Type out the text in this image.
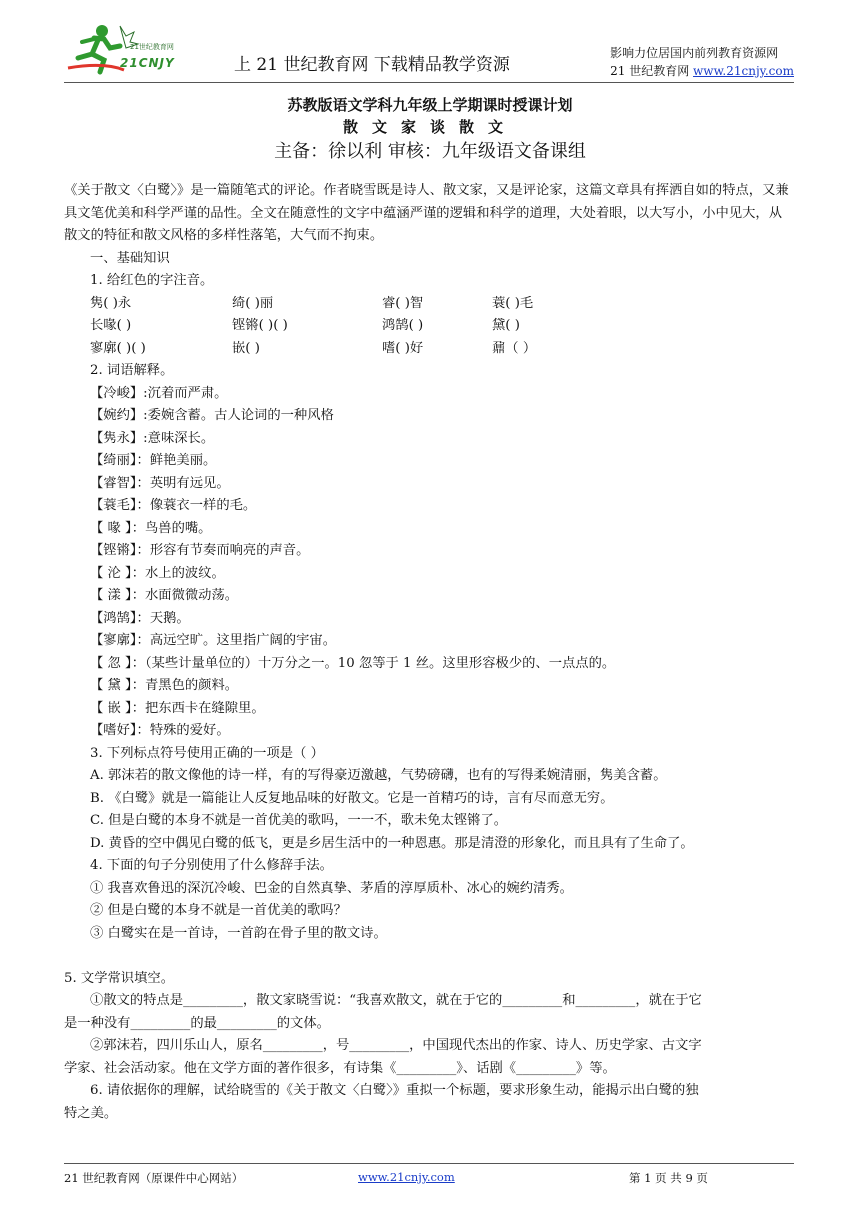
21世纪教育网
21CNJY	上 21 世纪教育网 下载精品教学资源
影响力位居国内前列教育资源网
21 世纪教育网 www.21cnjy.com
苏教版语文学科九年级上学期课时授课计划
散文家谈散文
主备：徐以利 审核：九年级语文备课组

《关于散文〈白鹭〉》是一篇随笔式的评论。作者晓雪既是诗人、散文家，又是评论家，这篇文章具有挥洒自如的特点，又兼具文笔优美和科学严谨的品性。全文在随意性的文字中蕴涵严谨的逻辑和科学的道理，大处着眼，以大写小，小中见大，从散文的特征和散文风格的多样性落笔，大气而不拘束。

一、基础知识

1. 给红色的字注音。

隽( )永	绮( )丽	睿( )智	蓑( )毛
长喙( )	铿锵( )( )	鸿鹄( )	黛( )
寥廓( )( )	嵌( )	嗜( )好	鼐（ ）

2. 词语解释。

【冷峻】:沉着而严肃。

【婉约】:委婉含蓄。古人论词的一种风格

【隽永】:意味深长。

【绮丽】：鲜艳美丽。

【睿智】：英明有远见。

【蓑毛】：像蓑衣一样的毛。

【 喙 】：鸟兽的嘴。

【铿锵】：形容有节奏而响亮的声音。

【 沦 】：水上的波纹。

【 漾 】：水面微微动荡。

【鸿鹄】：天鹅。

【寥廓】：高远空旷。这里指广阔的宇宙。

【 忽 】：（某些计量单位的）十万分之一。10 忽等于 1 丝。这里形容极少的、一点点的。

【 黛 】：青黑色的颜料。

【 嵌 】：把东西卡在缝隙里。

【嗜好】：特殊的爱好。

3. 下列标点符号使用正确的一项是（ ）

A. 郭沫若的散文像他的诗一样，有的写得豪迈激越，气势磅礴，也有的写得柔婉清丽，隽美含蓄。

B. 《白鹭》就是一篇能让人反复地品味的好散文。它是一首精巧的诗，言有尽而意无穷。

C. 但是白鹭的本身不就是一首优美的歌吗，一一不，歌未免太铿锵了。

D. 黄昏的空中偶见白鹭的低飞，更是乡居生活中的一种恩惠。那是清澄的形象化，而且具有了生命了。

4. 下面的句子分别使用了什么修辞手法。

① 我喜欢鲁迅的深沉冷峻、巴金的自然真挚、茅盾的淳厚质朴、冰心的婉约清秀。

② 但是白鹭的本身不就是一首优美的歌吗？

③ 白鹭实在是一首诗，一首韵在骨子里的散文诗。

5. 文学常识填空。

①散文的特点是_________，散文家晓雪说：“我喜欢散文，就在于它的_________和_________，就在于它

是一种没有_________的最_________的文体。

②郭沫若，四川乐山人，原名_________，号_________，中国现代杰出的作家、诗人、历史学家、古文字

学家、社会活动家。他在文学方面的著作很多，有诗集《_________》、话剧《_________》等。

6. 请依据你的理解，试给晓雪的《关于散文〈白鹭〉》重拟一个标题，要求形象生动，能揭示出白鹭的独

特之美。

21 世纪教育网（原课件中心网站）	www.21cnjy.com	第 1 页 共 9 页
